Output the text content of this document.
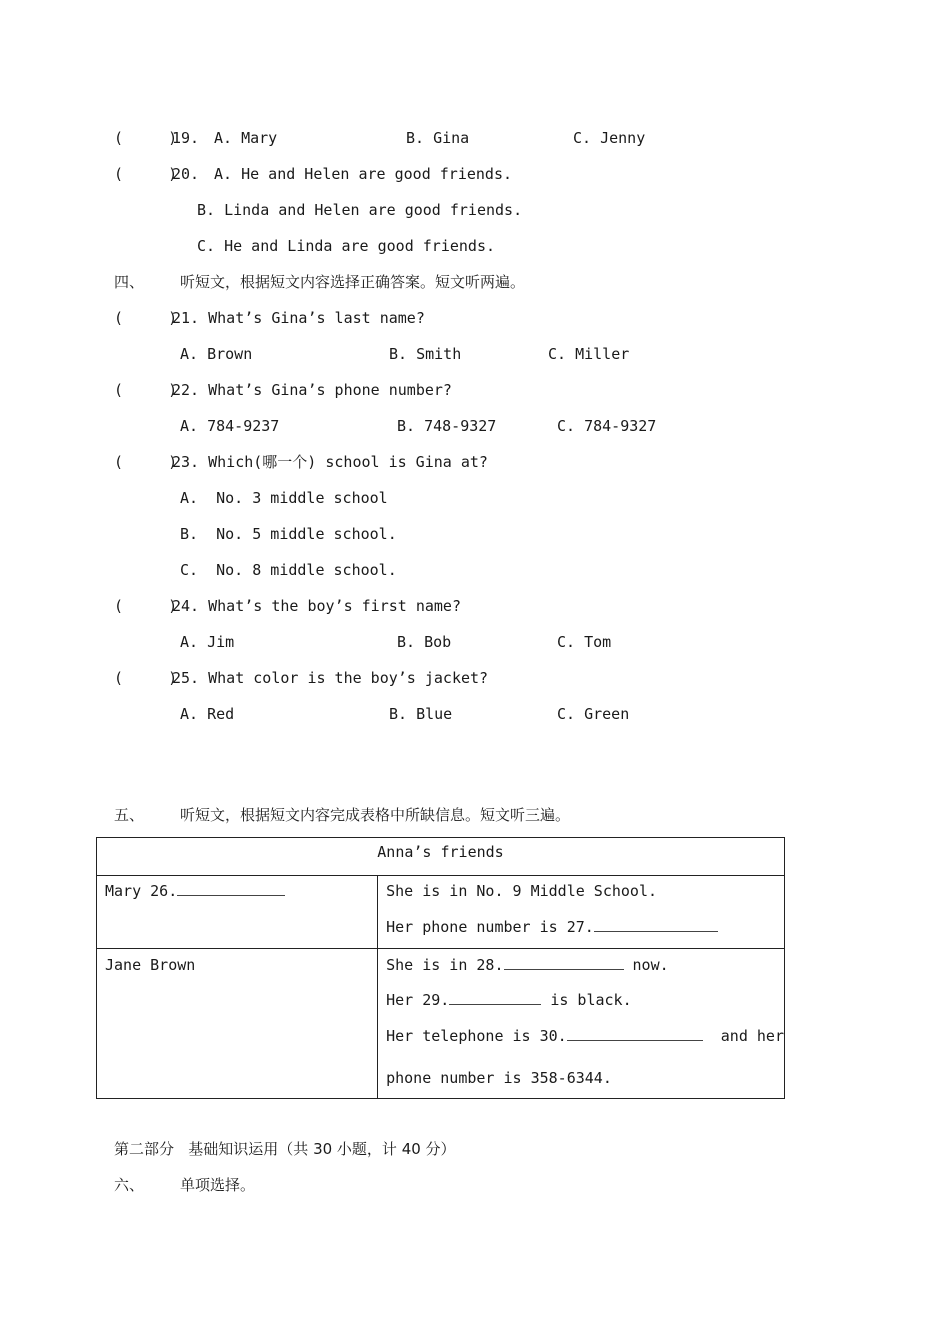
(     )
19. A. Mary	B. Gina	C. Jenny
(     )
20. A. He and Helen are good friends.
B. Linda and Helen are good friends.
C. He and Linda are good friends.
四、 听短文，根据短文内容选择正确答案。短文听两遍。
(     )
21. What’s Gina’s last name?
A. Brown	B. Smith	C. Miller
(     )
22. What’s Gina’s phone number?
A. 784-9237	B. 748-9327	C. 784-9327
(     )
23. Which(哪一个) school is Gina at?
A.  No. 3 middle school
B.  No. 5 middle school.
C.  No. 8 middle school.
(     )
24. What’s the boy’s first name?
A. Jim	B. Bob	C. Tom
(     )
25. What color is the boy’s jacket?
A. Red	B. Blue	C. Green
五、 听短文，根据短文内容完成表格中所缺信息。短文听三遍。
Anna’s friends	

Mary 26.	She is in No. 9 Middle School.
Her phone number is 27.

Jane Brown	She is in 28. now.
Her 29. is black.
Her telephone is 30. and her
phone number is 358-6344.
第二部分   基础知识运用（共 30 小题，计 40 分）
六、 单项选择。
